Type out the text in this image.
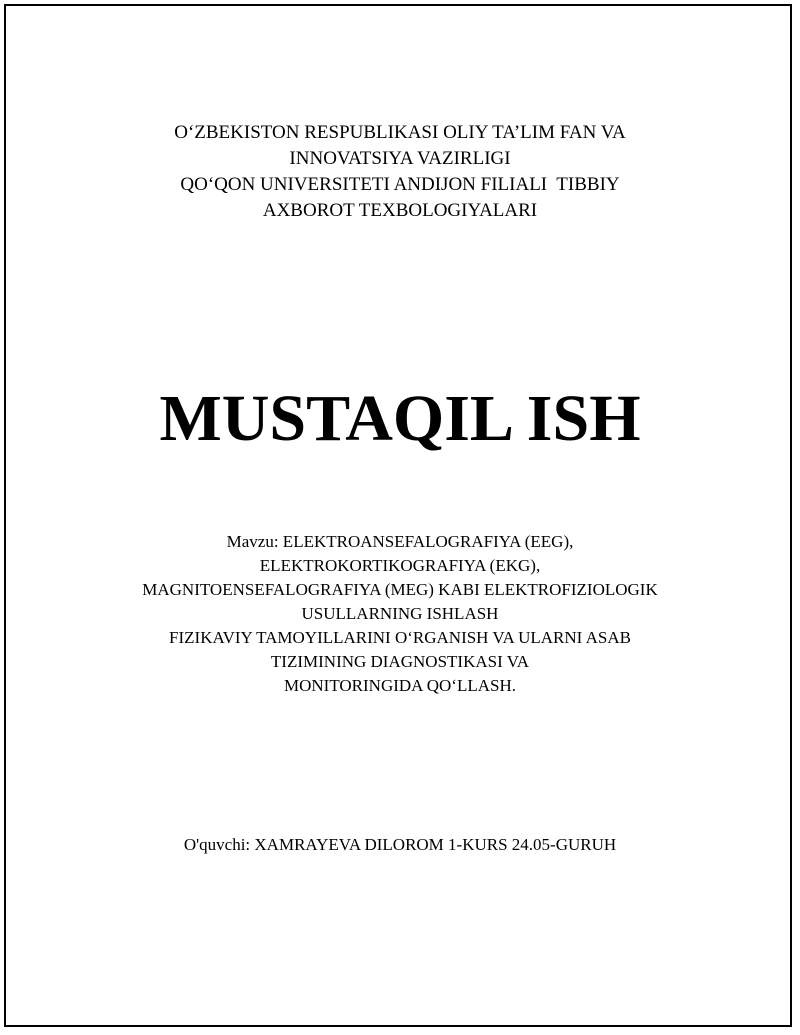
O‘ZBEKISTON RESPUBLIKASI OLIY TA’LIM FAN VA
INNOVATSIYA VAZIRLIGI
QO‘QON UNIVERSITETI ANDIJON FILIALI  TIBBIY
AXBOROT TEXBOLOGIYALARI
MUSTAQIL ISH
Mavzu: ELEKTROANSEFALOGRAFIYA (EEG),
ELEKTROKORTIKOGRAFIYA (EKG),
MAGNITOENSEFALOGRAFIYA (MEG) KABI ELEKTROFIZIOLOGIK
USULLARNING ISHLASH
FIZIKAVIY TAMOYILLARINI O‘RGANISH VA ULARNI ASAB
TIZIMINING DIAGNOSTIKASI VA
MONITORINGIDA QO‘LLASH.
O'quvchi: XAMRAYEVA DILOROM 1-KURS 24.05-GURUH
